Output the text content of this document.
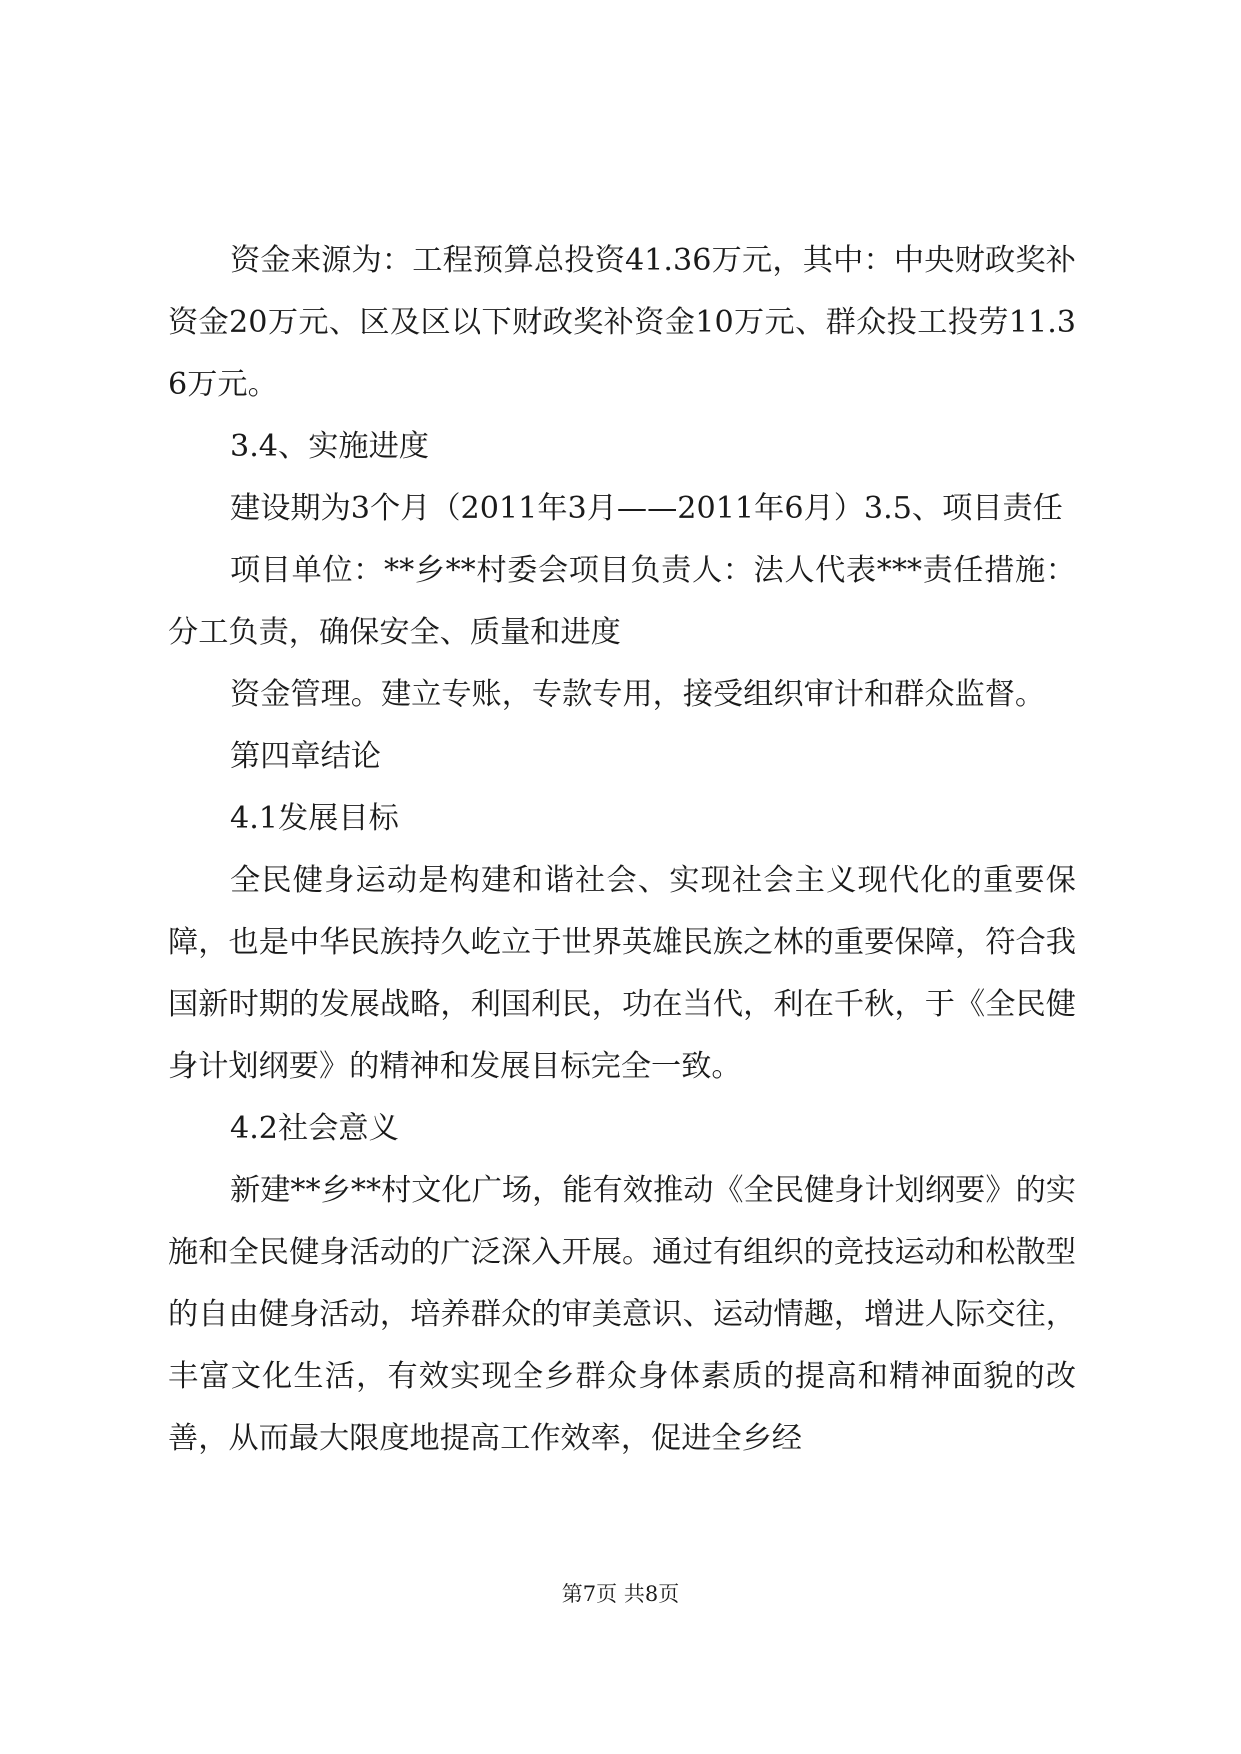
资金来源为：工程预算总投资41.36万元，其中：中央财政奖补资金20万元、区及区以下财政奖补资金10万元、群众投工投劳11.36万元。

3.4、实施进度

建设期为3个月（2011年3月——2011年6月）3.5、项目责任

项目单位：**乡**村委会项目负责人：法人代表***责任措施：分工负责，确保安全、质量和进度

资金管理。建立专账，专款专用，接受组织审计和群众监督。

第四章结论

4.1发展目标

全民健身运动是构建和谐社会、实现社会主义现代化的重要保障，也是中华民族持久屹立于世界英雄民族之林的重要保障，符合我国新时期的发展战略，利国利民，功在当代，利在千秋，于《全民健身计划纲要》的精神和发展目标完全一致。

4.2社会意义

新建**乡**村文化广场，能有效推动《全民健身计划纲要》的实施和全民健身活动的广泛深入开展。通过有组织的竞技运动和松散型的自由健身活动，培养群众的审美意识、运动情趣，增进人际交往，丰富文化生活，有效实现全乡群众身体素质的提高和精神面貌的改善，从而最大限度地提高工作效率，促进全乡经

第7页 共8页
